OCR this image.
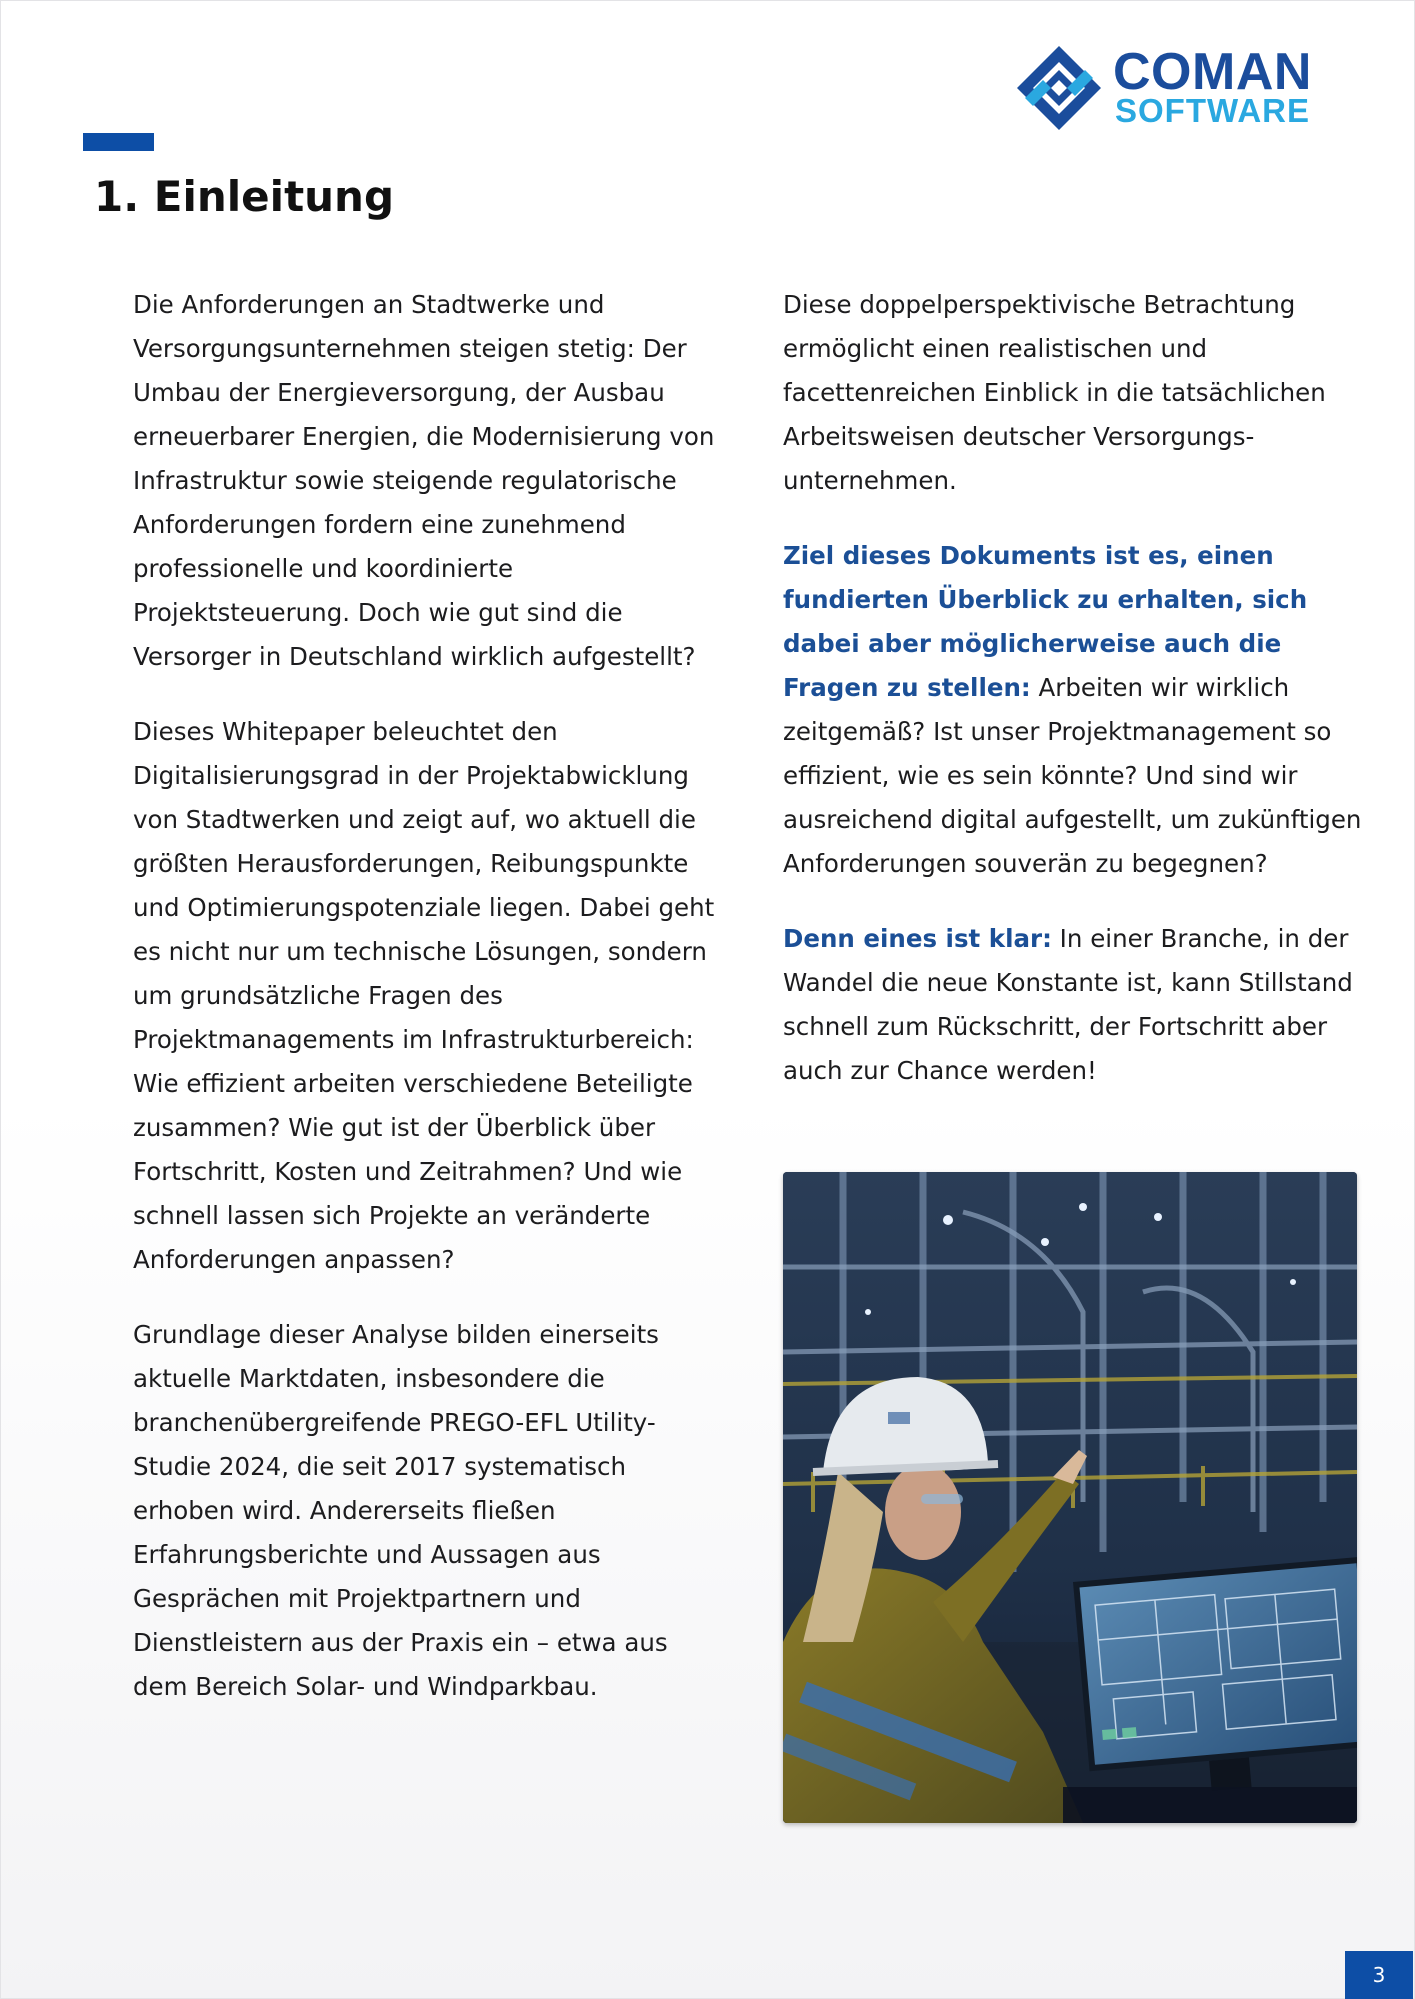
COMAN
SOFTWARE
1. Einleitung

Die Anforderungen an Stadtwerke und Versorgungsunternehmen steigen stetig: Der Umbau der Energieversorgung, der Ausbau erneuerbarer Energien, die Modernisierung von Infrastruktur sowie steigende regulatorische Anforderungen fordern eine zunehmend professionelle und koordinierte Projektsteuerung. Doch wie gut sind die Versorger in Deutschland wirklich aufgestellt?

Dieses Whitepaper beleuchtet den Digitalisierungsgrad in der Projektabwicklung von Stadtwerken und zeigt auf, wo aktuell die größten Herausforderungen, Reibungspunkte und Optimierungspotenziale liegen. Dabei geht es nicht nur um technische Lösungen, sondern um grundsätzliche Fragen des Projektmanagements im Infrastrukturbereich: Wie effizient arbeiten verschiedene Beteiligte zusammen? Wie gut ist der Überblick über Fortschritt, Kosten und Zeitrahmen? Und wie schnell lassen sich Projekte an veränderte Anforderungen anpassen?

Grundlage dieser Analyse bilden einerseits aktuelle Marktdaten, insbesondere die branchenübergreifende PREGO-EFL Utility-Studie 2024, die seit 2017 systematisch erhoben wird. Andererseits fließen Erfahrungsberichte und Aussagen aus Gesprächen mit Projektpartnern und Dienstleistern aus der Praxis ein – etwa aus dem Bereich Solar- und Windparkbau.

Diese doppelperspektivische Betrachtung ermöglicht einen realistischen und facettenreichen Einblick in die tatsächlichen Arbeitsweisen deutscher Versorgungsunternehmen.

Ziel dieses Dokuments ist es, einen fundierten Überblick zu erhalten, sich dabei aber möglicherweise auch die Fragen zu stellen: Arbeiten wir wirklich zeitgemäß? Ist unser Projektmanagement so effizient, wie es sein könnte? Und sind wir ausreichend digital aufgestellt, um zukünftigen Anforderungen souverän zu begegnen?

Denn eines ist klar: In einer Branche, in der Wandel die neue Konstante ist, kann Stillstand schnell zum Rückschritt, der Fortschritt aber auch zur Chance werden!

3
